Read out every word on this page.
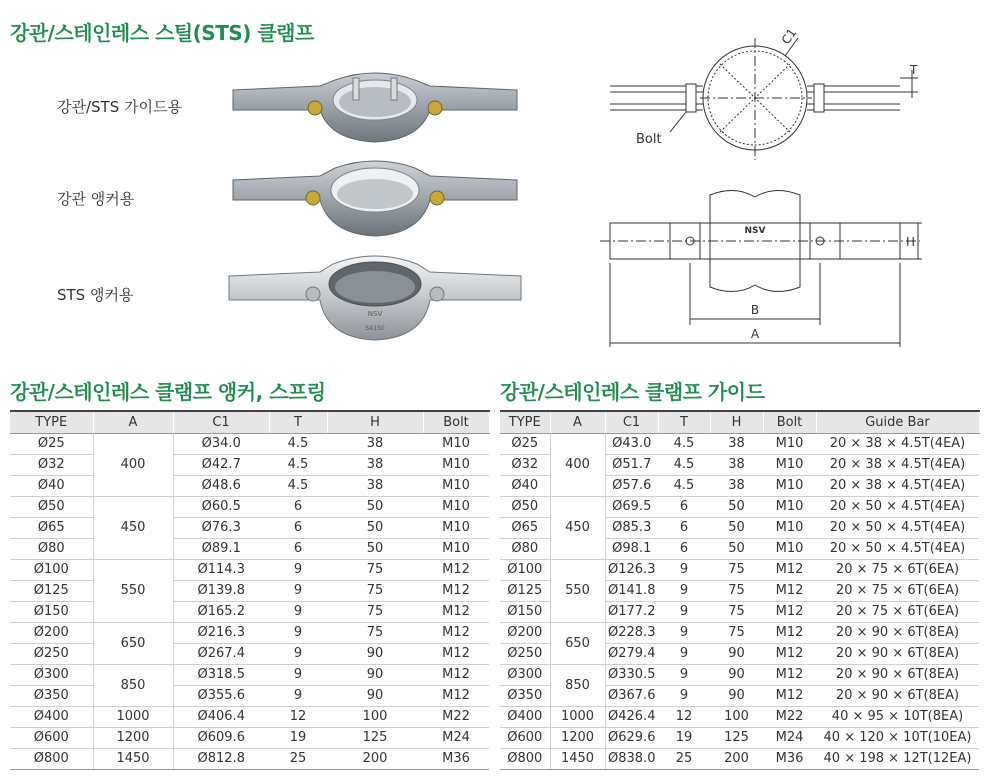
강관/스테인레스 스틸(STS) 클램프
강관/STS 가이드용
강관 앵커용
STS 앵커용
NSV
SA150
C1
T
Bolt
NSV
H
B
A
강관/스테인레스 클램프 앵커, 스프링	강관/스테인레스 클램프 가이드
TYPE	A	C1	T	H	Bolt
Ø25	400	Ø34.0	4.5	38	M10
Ø32		Ø42.7	4.5	38	M10
Ø40		Ø48.6	4.5	38	M10
Ø50	450	Ø60.5	6	50	M10
Ø65		Ø76.3	6	50	M10
Ø80		Ø89.1	6	50	M10
Ø100	550	Ø114.3	9	75	M12
Ø125		Ø139.8	9	75	M12
Ø150		Ø165.2	9	75	M12
Ø200	650	Ø216.3	9	75	M12
Ø250		Ø267.4	9	90	M12
Ø300	850	Ø318.5	9	90	M12
Ø350		Ø355.6	9	90	M12
Ø400	1000	Ø406.4	12	100	M22
Ø600	1200	Ø609.6	19	125	M24
Ø800	1450	Ø812.8	25	200	M36
TYPE	A	C1	T	H	Bolt	Guide Bar
Ø25	400	Ø43.0	4.5	38	M10	20 × 38 × 4.5T(4EA)
Ø32		Ø51.7	4.5	38	M10	20 × 38 × 4.5T(4EA)
Ø40		Ø57.6	4.5	38	M10	20 × 38 × 4.5T(4EA)
Ø50	450	Ø69.5	6	50	M10	20 × 50 × 4.5T(4EA)
Ø65		Ø85.3	6	50	M10	20 × 50 × 4.5T(4EA)
Ø80		Ø98.1	6	50	M10	20 × 50 × 4.5T(4EA)
Ø100	550	Ø126.3	9	75	M12	20 × 75 × 6T(6EA)
Ø125		Ø141.8	9	75	M12	20 × 75 × 6T(6EA)
Ø150		Ø177.2	9	75	M12	20 × 75 × 6T(6EA)
Ø200	650	Ø228.3	9	75	M12	20 × 90 × 6T(8EA)
Ø250		Ø279.4	9	90	M12	20 × 90 × 6T(8EA)
Ø300	850	Ø330.5	9	90	M12	20 × 90 × 6T(8EA)
Ø350		Ø367.6	9	90	M12	20 × 90 × 6T(8EA)
Ø400	1000	Ø426.4	12	100	M22	40 × 95 × 10T(8EA)
Ø600	1200	Ø629.6	19	125	M24	40 × 120 × 10T(10EA)
Ø800	1450	Ø838.0	25	200	M36	40 × 198 × 12T(12EA)
